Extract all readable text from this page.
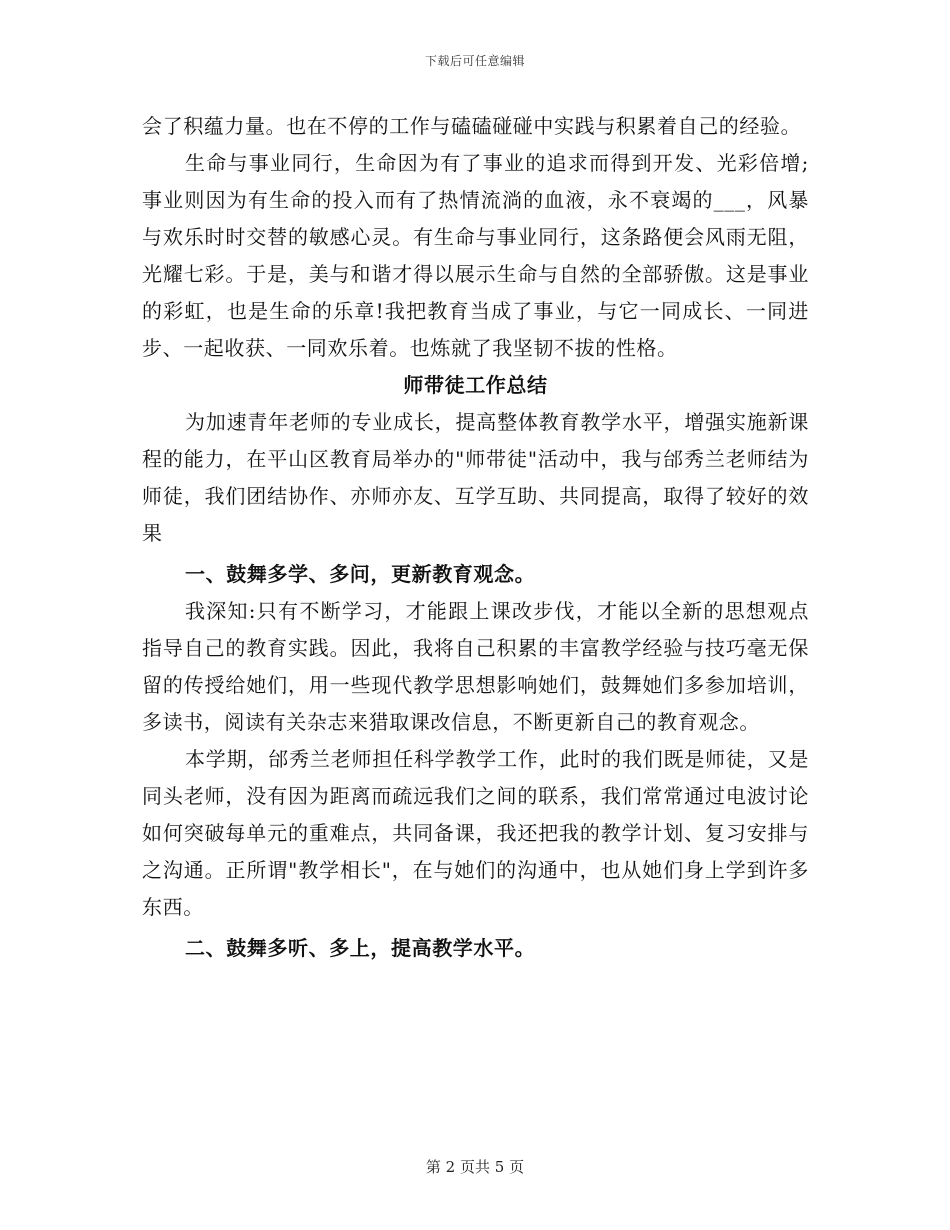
下载后可任意编辑

会了积蕴力量。也在不停的工作与磕磕碰碰中实践与积累着自己的经验。

生命与事业同行，生命因为有了事业的追求而得到开发、光彩倍增;事业则因为有生命的投入而有了热情流淌的血液，永不衰竭的___，风暴与欢乐时时交替的敏感心灵。有生命与事业同行，这条路便会风雨无阻，光耀七彩。于是，美与和谐才得以展示生命与自然的全部骄傲。这是事业的彩虹，也是生命的乐章!我把教育当成了事业，与它一同成长、一同进步、一起收获、一同欢乐着。也炼就了我坚韧不拔的性格。

师带徒工作总结

为加速青年老师的专业成长，提高整体教育教学水平，增强实施新课程的能力，在平山区教育局举办的"师带徒"活动中，我与邰秀兰老师结为师徒，我们团结协作、亦师亦友、互学互助、共同提高，取得了较好的效果

一、鼓舞多学、多问，更新教育观念。

我深知:只有不断学习，才能跟上课改步伐，才能以全新的思想观点指导自己的教育实践。因此，我将自己积累的丰富教学经验与技巧毫无保留的传授给她们，用一些现代教学思想影响她们，鼓舞她们多参加培训，多读书，阅读有关杂志来猎取课改信息，不断更新自己的教育观念。

本学期，邰秀兰老师担任科学教学工作，此时的我们既是师徒，又是同头老师，没有因为距离而疏远我们之间的联系，我们常常通过电波讨论如何突破每单元的重难点，共同备课，我还把我的教学计划、复习安排与之沟通。正所谓"教学相长"，在与她们的沟通中，也从她们身上学到许多东西。

二、鼓舞多听、多上，提高教学水平。

第 2 页共 5 页
